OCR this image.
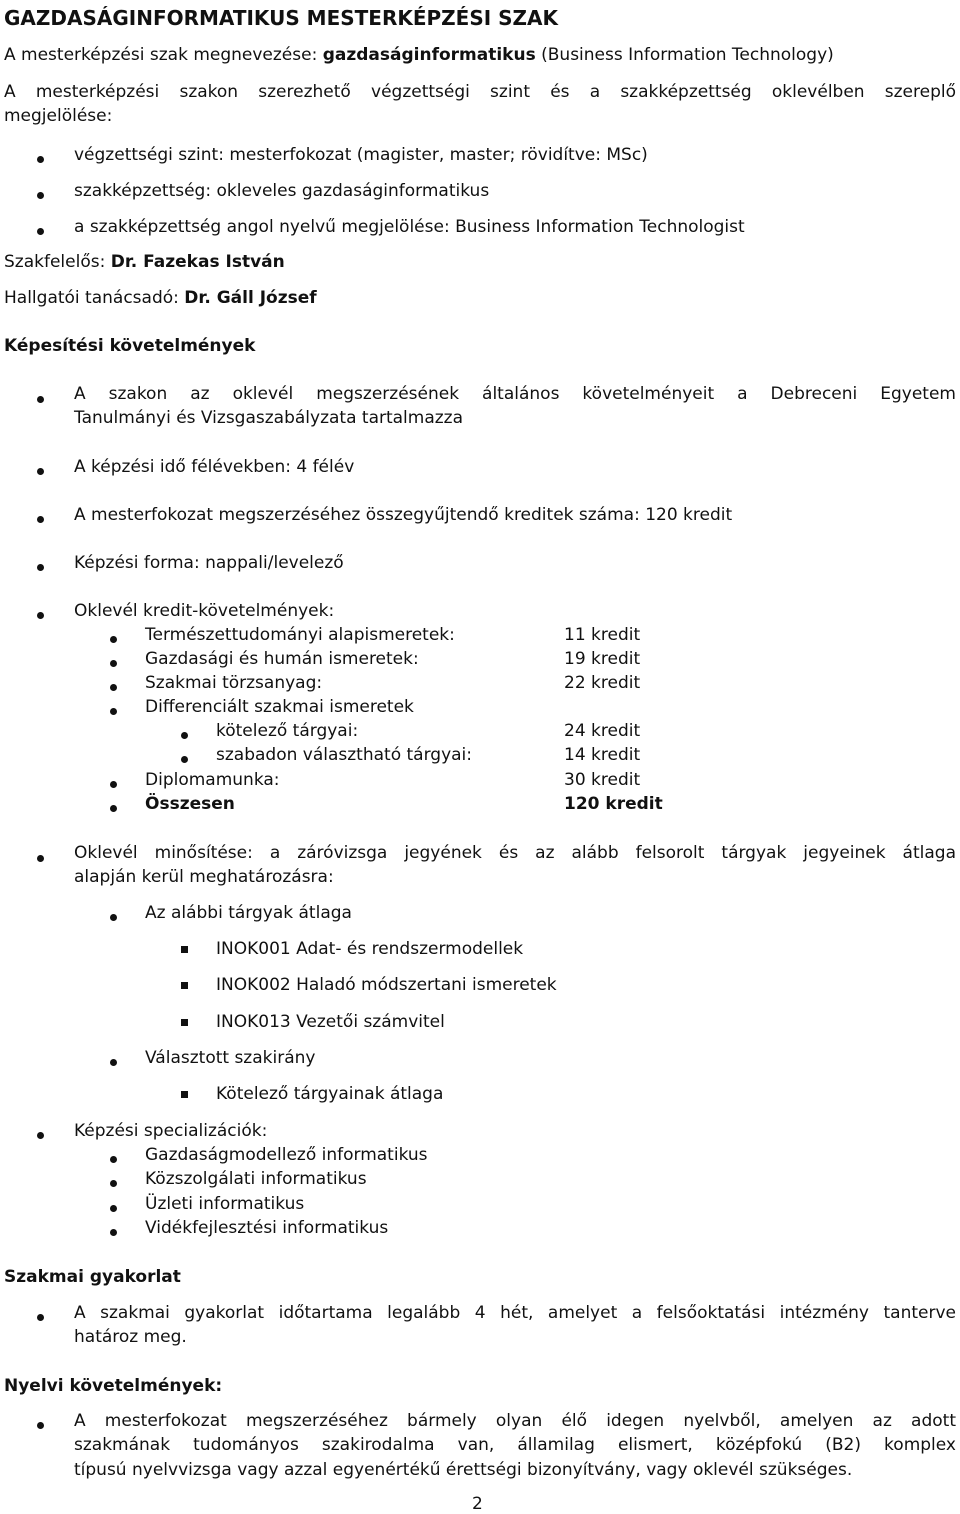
GAZDASÁGINFORMATIKUS MESTERKÉPZÉSI SZAK
A mesterképzési szak megnevezése: gazdaságinformatikus (Business Information Technology)
A mesterképzési szakon szerezhető végzettségi szint és a szakképzettség oklevélben szereplő
megjelölése:
végzettségi szint: mesterfokozat (magister, master; rövidítve: MSc)
szakképzettség: okleveles gazdaságinformatikus
a szakképzettség angol nyelvű megjelölése: Business Information Technologist
Szakfelelős: Dr. Fazekas István
Hallgatói tanácsadó: Dr. Gáll József
Képesítési követelmények
A szakon az oklevél megszerzésének általános követelményeit a Debreceni Egyetem
Tanulmányi és Vizsgaszabályzata tartalmazza
A képzési idő félévekben: 4 félév
A mesterfokozat megszerzéséhez összegyűjtendő kreditek száma: 120 kredit
Képzési forma: nappali/levelező
Oklevél kredit-követelmények:
Természettudományi alapismeretek:	11 kredit
Gazdasági és humán ismeretek:	19 kredit
Szakmai törzsanyag:	22 kredit
Differenciált szakmai ismeretek
kötelező tárgyai:	24 kredit
szabadon választható tárgyai:	14 kredit
Diplomamunka:	30 kredit
Összesen	120 kredit
Oklevél minősítése: a záróvizsga jegyének és az alább felsorolt tárgyak jegyeinek átlaga
alapján kerül meghatározásra:
Az alábbi tárgyak átlaga
INOK001 Adat- és rendszermodellek
INOK002 Haladó módszertani ismeretek
INOK013 Vezetői számvitel
Választott szakirány
Kötelező tárgyainak átlaga
Képzési specializációk:
Gazdaságmodellező informatikus
Közszolgálati informatikus
Üzleti informatikus
Vidékfejlesztési informatikus
Szakmai gyakorlat
A szakmai gyakorlat időtartama legalább 4 hét, amelyet a felsőoktatási intézmény tanterve
határoz meg.
Nyelvi követelmények:
A mesterfokozat megszerzéséhez bármely olyan élő idegen nyelvből, amelyen az adott
szakmának tudományos szakirodalma van, államilag elismert, középfokú (B2) komplex
típusú nyelvvizsga vagy azzal egyenértékű érettségi bizonyítvány, vagy oklevél szükséges.
2
